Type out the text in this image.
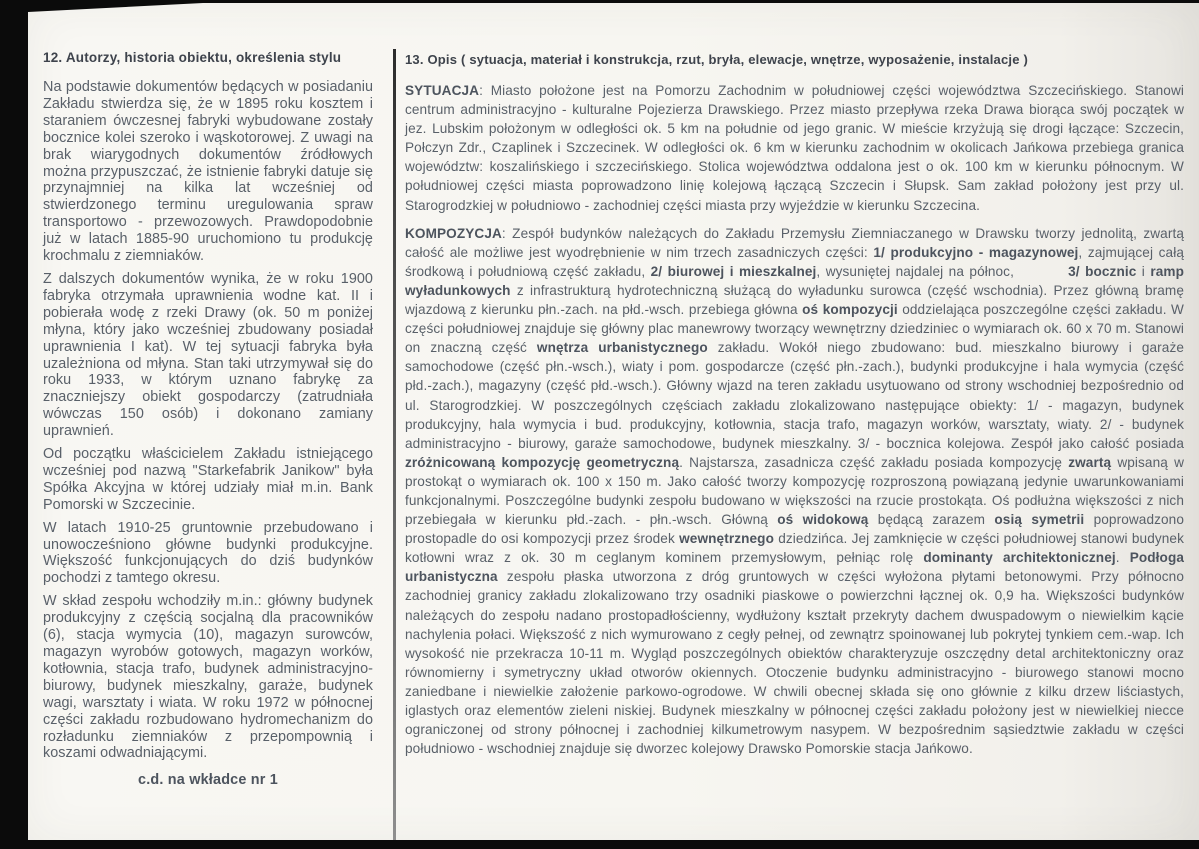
12. Autorzy, historia obiektu, określenia stylu

Na podstawie dokumentów będących w posiadaniu Zakładu stwierdza się, że w 1895 roku kosztem i staraniem ówczesnej fabryki wybudowane zostały bocznice kolei szeroko i wąskotorowej. Z uwagi na brak wiarygodnych dokumentów źródłowych można przypuszczać, że istnienie fabryki datuje się przynajmniej na kilka lat wcześniej od stwierdzonego terminu uregulowania spraw transportowo - przewozowych. Prawdopodobnie już w latach 1885-90 uruchomiono tu produkcję krochmalu z ziemniaków.

Z dalszych dokumentów wynika, że w roku 1900 fabryka otrzymała uprawnienia wodne kat. II i pobierała wodę z rzeki Drawy (ok. 50 m poniżej młyna, który jako wcześniej zbudowany posiadał uprawnienia I kat). W tej sytuacji fabryka była uzależniona od młyna. Stan taki utrzymywał się do roku 1933, w którym uznano fabrykę za znaczniejszy obiekt gospodarczy (zatrudniała wówczas 150 osób) i dokonano zamiany uprawnień.

Od początku właścicielem Zakładu istniejącego wcześniej pod nazwą "Starkefabrik Janikow" była Spółka Akcyjna w której udziały miał m.in. Bank Pomorski w Szczecinie.

W latach 1910-25 gruntownie przebudowano i unowocześniono główne budynki produkcyjne. Większość funkcjonujących do dziś budynków pochodzi z tamtego okresu.

W skład zespołu wchodziły m.in.: główny budynek produkcyjny z częścią socjalną dla pracowników (6), stacja wymycia (10), magazyn surowców, magazyn wyrobów gotowych, magazyn worków, kotłownia, stacja trafo, budynek administracyjno-biurowy, budynek mieszkalny, garaże, budynek wagi, warsztaty i wiata. W roku 1972 w północnej części zakładu rozbudowano hydromechanizm do rozładunku ziemniaków z przepompownią i koszami odwadniającymi.

c.d. na wkładce nr 1
13. Opis ( sytuacja, materiał i konstrukcja, rzut, bryła, elewacje, wnętrze, wyposażenie, instalacje )

SYTUACJA: Miasto położone jest na Pomorzu Zachodnim w południowej części województwa Szczecińskiego. Stanowi centrum administracyjno - kulturalne Pojezierza Drawskiego. Przez miasto przepływa rzeka Drawa biorąca swój początek w jez. Lubskim położonym w odległości ok. 5 km na południe od jego granic. W mieście krzyżują się drogi łączące: Szczecin, Połczyn Zdr., Czaplinek i Szczecinek. W odległości ok. 6 km w kierunku zachodnim w okolicach Jańkowa przebiega granica województw: koszalińskiego i szczecińskiego. Stolica województwa oddalona jest o ok. 100 km w kierunku północnym. W południowej części miasta poprowadzono linię kolejową łączącą Szczecin i Słupsk. Sam zakład położony jest przy ul. Starogrodzkiej w południowo - zachodniej części miasta przy wyjeździe w kierunku Szczecina.

KOMPOZYCJA: Zespół budynków należących do Zakładu Przemysłu Ziemniaczanego w Drawsku tworzy jednolitą, zwartą całość ale możliwe jest wyodrębnienie w nim trzech zasadniczych części: 1/ produkcyjno - magazynowej, zajmującej całą środkową i południową część zakładu, 2/ biurowej i mieszkalnej, wysuniętej najdalej na północ,          3/ bocznic i ramp wyładunkowych z infrastrukturą hydrotechniczną służącą do wyładunku surowca (część wschodnia). Przez główną bramę wjazdową z kierunku płn.-zach. na płd.-wsch. przebiega główna oś kompozycji oddzielająca poszczególne części zakładu. W części południowej znajduje się główny plac manewrowy tworzący wewnętrzny dziedziniec o wymiarach ok. 60 x 70 m. Stanowi on znaczną część wnętrza urbanistycznego zakładu. Wokół niego zbudowano: bud. mieszkalno biurowy i garaże samochodowe (część płn.-wsch.), wiaty i pom. gospodarcze (część płn.-zach.), budynki produkcyjne i hala wymycia (część płd.-zach.), magazyny (część płd.-wsch.). Główny wjazd na teren zakładu usytuowano od strony wschodniej bezpośrednio od ul. Starogrodzkiej. W poszczególnych częściach zakładu zlokalizowano następujące obiekty: 1/ - magazyn, budynek produkcyjny, hala wymycia i bud. produkcyjny, kotłownia, stacja trafo, magazyn worków, warsztaty, wiaty. 2/ - budynek administracyjno - biurowy, garaże samochodowe, budynek mieszkalny. 3/ - bocznica kolejowa. Zespół jako całość posiada zróżnicowaną kompozycję geometryczną. Najstarsza, zasadnicza część zakładu posiada kompozycję zwartą wpisaną w prostokąt o wymiarach ok. 100 x 150 m. Jako całość tworzy kompozycję rozproszoną powiązaną jedynie uwarunkowaniami funkcjonalnymi. Poszczególne budynki zespołu budowano w większości na rzucie prostokąta. Oś podłużna większości z nich przebiegała w kierunku płd.-zach. - płn.-wsch. Główną oś widokową będącą zarazem osią symetrii poprowadzono prostopadle do osi kompozycji przez środek wewnętrznego dziedzińca. Jej zamknięcie w części południowej stanowi budynek kotłowni wraz z ok. 30 m ceglanym kominem przemysłowym, pełniąc rolę dominanty architektonicznej. Podłoga urbanistyczna zespołu płaska utworzona z dróg gruntowych w części wyłożona płytami betonowymi. Przy północno zachodniej granicy zakładu zlokalizowano trzy osadniki piaskowe o powierzchni łącznej ok. 0,9 ha. Większości budynków należących do zespołu nadano prostopadłościenny, wydłużony kształt przekryty dachem dwuspadowym o niewielkim kącie nachylenia połaci. Większość z nich wymurowano z cegły pełnej, od zewnątrz spoinowanej lub pokrytej tynkiem cem.-wap. Ich wysokość nie przekracza 10-11 m. Wygląd poszczególnych obiektów charakteryzuje oszczędny detal architektoniczny oraz równomierny i symetryczny układ otworów okiennych. Otoczenie budynku administracyjno - biurowego stanowi mocno zaniedbane i niewielkie założenie parkowo-ogrodowe. W chwili obecnej składa się ono głównie z kilku drzew liściastych, iglastych oraz elementów zieleni niskiej. Budynek mieszkalny w północnej części zakładu położony jest w niewielkiej niecce ograniczonej od strony północnej i zachodniej kilkumetrowym nasypem. W bezpośrednim sąsiedztwie zakładu w części południowo - wschodniej znajduje się dworzec kolejowy Drawsko Pomorskie stacja Jańkowo.
